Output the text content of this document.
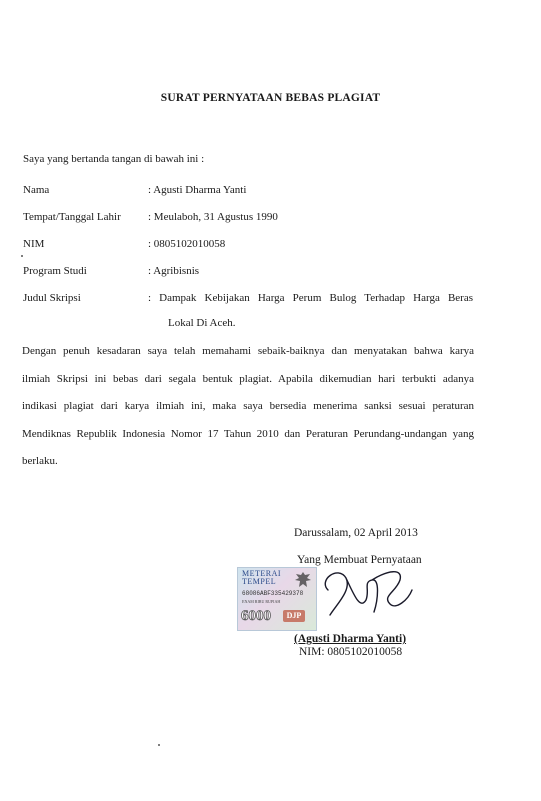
SURAT PERNYATAAN BEBAS PLAGIAT
Saya yang bertanda tangan di bawah ini :
Nama	: Agusti Dharma Yanti
Tempat/Tanggal Lahir : Meulaboh, 31 Agustus 1990
NIM	: 0805102010058
Program Studi	: Agribisnis
Judul Skripsi	: Dampak Kebijakan Harga Perum Bulog Terhadap Harga Beras
Lokal Di Aceh.
Dengan penuh kesadaran saya telah memahami sebaik-baiknya dan menyatakan bahwa karya
ilmiah Skripsi ini bebas dari segala bentuk plagiat. Apabila dikemudian hari terbukti adanya
indikasi plagiat dari karya ilmiah ini, maka saya bersedia menerima sanksi sesuai peraturan
Mendiknas Republik Indonesia Nomor 17 Tahun 2010 dan Peraturan Perundang-undangan yang
berlaku.
Darussalam, 02 April 2013
Yang Membuat Pernyataan
METERAI
TEMPEL
68086ABF335429378
ENAM RIBU RUPIAH
6000	DJP
(Agusti Dharma Yanti)
NIM: 0805102010058
